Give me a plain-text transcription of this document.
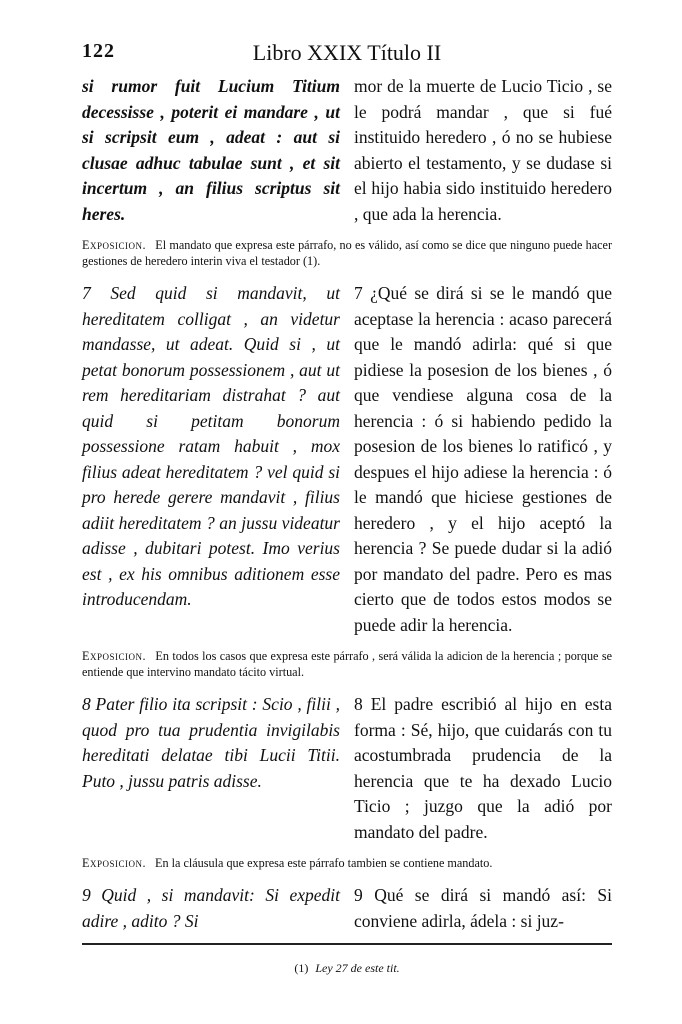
122	Libro XXIX Título II
si rumor fuit Lucium Titium decessisse , poterit ei mandare , ut si scripsit eum , adeat : aut si clusae adhuc tabulae sunt , et sit incertum , an filius scriptus sit heres.
mor de la muerte de Lucio Ticio , se le podrá mandar , que si fué instituido heredero , ó no se hubiese abierto el testamento, y se dudase si el hijo habia sido instituido heredero , que ada la herencia.
Exposicion. El mandato que expresa este párrafo, no es válido, así como se dice que ninguno puede hacer gestiones de heredero interin viva el testador (1).
7 Sed quid si mandavit, ut hereditatem colligat , an videtur mandasse, ut adeat. Quid si , ut petat bonorum possessionem , aut ut rem hereditariam distrahat ? aut quid si petitam bonorum possessione ratam habuit , mox filius adeat hereditatem ? vel quid si pro herede gerere mandavit , filius adiit hereditatem ? an jussu videatur adisse , dubitari potest. Imo verius est , ex his omnibus aditionem esse introducendam.
7 ¿Qué se dirá si se le mandó que aceptase la herencia : acaso parecerá que le mandó adirla: qué si que pidiese la posesion de los bienes , ó que vendiese alguna cosa de la herencia : ó si habiendo pedido la posesion de los bienes lo ratificó , y despues el hijo adiese la herencia : ó le mandó que hiciese gestiones de heredero , y el hijo aceptó la herencia ? Se puede dudar si la adió por mandato del padre. Pero es mas cierto que de todos estos modos se puede adir la herencia.
Exposicion. En todos los casos que expresa este párrafo , será válida la adicion de la herencia ; porque se entiende que intervino mandato tácito virtual.
8 Pater filio ita scripsit : Scio , filii , quod pro tua prudentia invigilabis hereditati delatae tibi Lucii Titii. Puto , jussu patris adisse.
8 El padre escribió al hijo en esta forma : Sé, hijo, que cuidarás con tu acostumbrada prudencia de la herencia que te ha dexado Lucio Ticio ; juzgo que la adió por mandato del padre.
Exposicion. En la cláusula que expresa este párrafo tambien se contiene mandato.
9 Quid , si mandavit: Si expedit adire , adito ? Si
9 Qué se dirá si mandó así: Si conviene adirla, ádela : si juz-
(1) Ley 27 de este tit.
